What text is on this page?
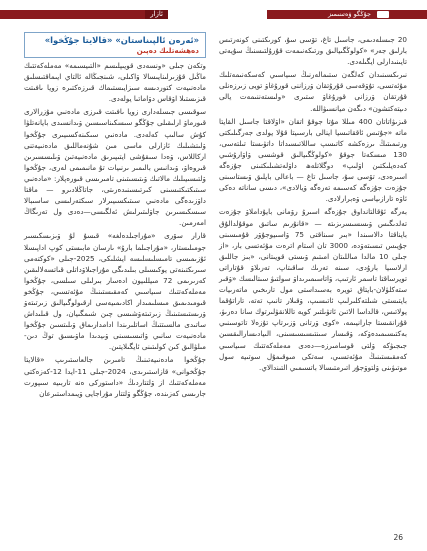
ئازار	جۇڭگو ۋەتىنىمىز

20 جىسلەدىمى، جاسىل تاغ، تۆسى سۇ، كورىكتىنى كونەرتىس بارلىق جەر» «كولوڭگىيالىق ورتىكەنىمەت قۇرۇلتىسنىڭ سۇيەتى تايىنىدارلى ايگىلەدى.

نىرىكسىنىدان كەلگەن ستىمالەرنىڭ سىياسىي كەسكەنىمەتلىك مۇئەتسى، تۇۋقەسى قۇرۇتقان ۋرزاننى قورۇغاۋ تويى زىرزەنلى قۇرتقان ۋرزانى قورۇغاۋ ستىرى «ولىستەننىمەت يالى دىيتەكتشون» دىگەن ميانسىۋاللە.

قىزىۋاتاتان 400 مىللا مۇتا جوقۇ اتقان «اۋلاقتا جاسىل القايتا ماتە «جۇتىس ئاققاتىسيا اينالى بارسىيتا قۇلا يولدى جەرگىلىكتى ورتىمىتىڭ ىرزەكشە كاتىسپ ساللاتىسىداتا داتۋىستا تىلتەسى، 130 مىسكەتا جوقۇ «كولوڭگىيالىق قوشسى ۋاۋارۇشىي كەدەيلىكتىن اۋلىپ» دوگلاتلەھ داۋلەتشىلىكتىنى جۇزەگە اسىرەدى، تۆسى سۇ، جاسىل تاغ — باعالى بايلىق ۋىستاسىنى جۇزەت جۇزەگە كەسىمە تەرەگە ۋيالادى»، دىسى ساناتە دەكى ئاۋە تارازىياسى ۋەبرارلادى.

بەرگە ئۇقالتانداوق جۇزەگە اسىرۇ رۆمانى بايۇداملاۋ جۇزەت تەلدىگىس ۋىسسىسرىزىتە — «قانۇرىم ساتىق موقۇلدالۇق بايناقتا دالاسىندا «بىر سىناقتى 75 ۋاسىيوجۇۋر قۇمىسىنى جۇيىس تىسىتەۋدە، 3000 تان استام اترەت مۇئەتسى بار، «از جىلى 10 مالدا مىاللىتان امىتىم ۋىستى قويىتانى، «بىز جاللىق ارلاسىيا بارۇدى، سىنە تەرىك ساقىتاپ، تەرىلاۋ قۇتاراتى تويرساقتا تاسمر ئارتىپ، ۋاتاسىمىرىداۋ سولتىۋ سىتالىسك «ۋقىر ستەكلۋلان-بايتاق تويرە بەسىداستى مول تارىخىي ماتەرىيات بايتىستى شىلتەكلىرلىپ ئاتىسىپ، ۋقىلار تانىپ تەتە، تاراتۇقما يولاتىس، قالداسا الاتىن ئاتۋىلتىر كويە تاللانقۋلىرتوك سانا دەرىۋ، قۇرانقىستا جارانيىمە، «كوى ۋرتانى ۋزىرتاپ تۇزەلا تاتوسىنىي بەكتىسىمىدەۋكە، ۋقىسار سىنتىسىسىسىنى، الىيادىسارالىقسىن جىجىۋكە ۋلتى قوسامىرزە—دەدى مەملەكەتتىك سىياسىي كەمقىستىنىڭ مۇئەتسىي، سەتكى مىوقىمۇل سوتىيە سول موتىۋىنى ۋلتوۋجۇر اتىرمتىسالا باتسىمىي التىندالاي.

«ئەرەن ئالپىناستان» «قالايتا جۇڭخوا»
دەھشەتلىك دەپىن

وتكەن جىلى «ونسەدى قويىپلىسم «التىيسىمە» مەملەكەتتىك ماڭىل قۇزىرلىنايىسالا ۋاكىلى، شىنجىڭالە ئالتاي ايىماقتىسلىق مادەنىيەت كتوردىسە سىزايىستىماك قىرزەكتىرە زويا ىافىتت قىزىستىلا اۋقاس دۋاماتىا يولەدى.

سوقىسى جىسلەدارى زويا ىافىتت قىرزى مادەنىي مۇزرالارى قىورماۋ ارلىقىلى جۇڭگو سىسكىناسىسىن ۋىدانسىدى بايانەتلۋا كۇش سالىپ كەلەدى. مادەنىي سىكىنەكسىيىرى جۇڭخوا ۋلىتشىلىك ئازارلى ماسى مىن شۇنەماللىق مادەنىيەتنى اركاللاس، ۋەدا سىقۇشى ايتىپىرىق مادەنىيەتىن ۋىلىسسىرىن قىروەاۋ، ۋىدانىس بالىمىر ىرنىيات تۇ مانىمىمى لەرى، جۇڭخوا ۋلتىسىيىلىك مالاتىك ۋىتىسىتىنى تامىرىسى قىورەپلار: «مادەنىي سىتىكتىكتىسىنى كىرتىسىنىدەرىتى، جاتاڭلادىرو — ماقتا داۋزىدەگى مادەنىي سىتىكسىيىرلار سىكتەرلىسى ساسىبالا سىسكىسىرىن جاۋلىتىرلىش ئەلگىسى—دەدى ول تەرىگاڭ امەرمىن.

قارار سۆرى «مۇراجىلدەلغە» قىسۇ لۇ ۋىزىسكىسىر جومىلىستار، «مۇراجىلما بارۇ» ىارسان مابىستى كوپ اداپىسلا ئۇزىمىسى تامىسلىسلىسە ايشلىكى، 2025-جىلى «كوكتەمى سىرىكتىنەتى يوكىسىلى بىلىدىگى مۇراجىلاۋداتلى قىاتسەلالىقىن كەرىرىمى 72 مىيللىيون ادەسار بىرلىلى سىلسى، جۇڭخوا مەملەكەتتىك سىياسىي كەمقىستىنىڭ مۇئەتسىي، جۇڭخو قىومىدىمىق مىسلىمىدار اكادىمىيەسى ارقىولوگىيالىق زىرتىتەۋ ۋرىستىستىنىڭ زىرتىتەۋشىسى چىن شىمگىيان، ول قىلىداش ساتىدى مالسىتتىڭ اساتلىرىندا ادامدارىماق ۋىلىتسىن جۇڭخوا مادەنىيەت سانىي ۋاتىسىسىنى ۋىيدىدا ماۋىسىق توڭ دىن-مىلۋالىق كىن كولىتىنى ئايگىلايتىن.

جۇڭخوا مادەنىيەتىنىڭ تامىرىن جالعاستىرىپ «قالايتا جۇڭخوانى» قازاستىرىدى، 2024-جىلى 11-ايدا 12-كەزەكتى مەملەكەتتىك از ۋلتتاردىڭ «داستوركى ەنە تاربىيە سىپورت جارىسى كەزىندە، جۇڭگو ۋلتتار مۇراجايى ۋيىمداستىرعان

26
